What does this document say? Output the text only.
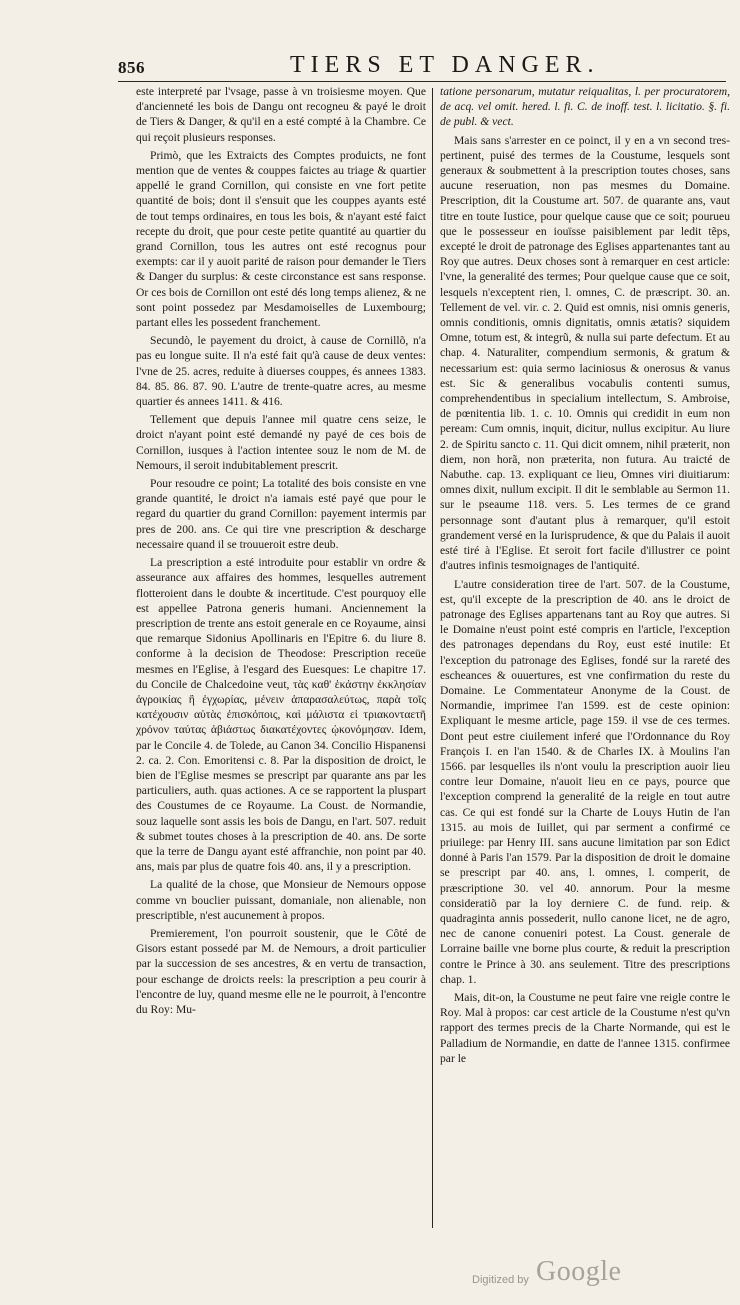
856	TIERS ET DANGER.

este interpreté par l'vsage, passe à vn troisiesme moyen. Que d'ancienneté les bois de Dangu ont recogneu & payé le droit de Tiers & Danger, & qu'il en a esté compté à la Chambre. Ce qui reçoit plusieurs responses.

Primò, que les Extraicts des Comptes produicts, ne font mention que de ventes & couppes faictes au triage & quartier appellé le grand Cornillon, qui consiste en vne fort petite quantité de bois; dont il s'ensuit que les couppes ayants esté de tout temps ordinaires, en tous les bois, & n'ayant esté faict recepte du droit, que pour ceste petite quantité au quartier du grand Cornillon, tous les autres ont esté recognus pour exempts: car il y auoit parité de raison pour demander le Tiers & Danger du surplus: & ceste circonstance est sans response. Or ces bois de Cornillon ont esté dés long temps alienez, & ne sont point possedez par Mesdamoiselles de Luxembourg; partant elles les possedent franchement.

Secundò, le payement du droict, à cause de Cornillõ, n'a pas eu longue suite. Il n'a esté fait qu'à cause de deux ventes: l'vne de 25. acres, reduite à diuerses couppes, és annees 1383. 84. 85. 86. 87. 90. L'autre de trente-quatre acres, au mesme quartier és annees 1411. & 416.

Tellement que depuis l'annee mil quatre cens seize, le droict n'ayant point esté demandé ny payé de ces bois de Cornillon, iusques à l'action intentee souz le nom de M. de Nemours, il seroit indubitablement prescrit.

Pour resoudre ce point; La totalité des bois consiste en vne grande quantité, le droict n'a iamais esté payé que pour le regard du quartier du grand Cornillon: payement intermis par pres de 200. ans. Ce qui tire vne prescription & descharge necessaire quand il se trouueroit estre deub.

La prescription a esté introduite pour establir vn ordre & asseurance aux affaires des hommes, lesquelles autrement flotteroient dans le doubte & incertitude. C'est pourquoy elle est appellee Patrona generis humani. Anciennement la prescription de trente ans estoit generale en ce Royaume, ainsi que remarque Sidonius Apollinaris en l'Epitre 6. du liure 8. conforme à la decision de Theodose: Prescription receüe mesmes en l'Eglise, à l'esgard des Euesques: Le chapitre 17. du Concile de Chalcedoine veut, τὰς καθ' ἑκάστην ἐκκλησίαν ἀγροικίας ἢ ἐγχωρίας, μένειν ἀπαρασαλεύτως, παρὰ τοῖς κατέχουσιν αὐτὰς ἐπισκόποις, καὶ μάλιστα εἰ τριακονταετῆ χρόνον ταύτας ἀβιάστως διακατέχοντες ᾠκονόμησαν. Idem, par le Concile 4. de Tolede, au Canon 34. Concilio Hispanensi 2. ca. 2. Con. Emoritensi c. 8. Par la disposition de droict, le bien de l'Eglise mesmes se prescript par quarante ans par les particuliers, auth. quas actiones. A ce se rapportent la pluspart des Coustumes de ce Royaume. La Coust. de Normandie, souz laquelle sont assis les bois de Dangu, en l'art. 507. reduit & submet toutes choses à la prescription de 40. ans. De sorte que la terre de Dangu ayant esté affranchie, non point par 40. ans, mais par plus de quatre fois 40. ans, il y a prescription.

La qualité de la chose, que Monsieur de Nemours oppose comme vn bouclier puissant, domaniale, non alienable, non prescriptible, n'est aucunement à propos.

Premierement, l'on pourroit soustenir, que le Côté de Gisors estant possedé par M. de Nemours, a droit particulier par la succession de ses ancestres, & en vertu de transaction, pour eschange de droicts reels: la prescription a peu courir à l'encontre de luy, quand mesme elle ne le pourroit, à l'encontre du Roy: Mu-

tatione personarum, mutatur reiqualitas, l. per procuratorem, de acq. vel omit. hered. l. fi. C. de inoff. test. l. licitatio. §. fi. de publ. & vect.

Mais sans s'arrester en ce poinct, il y en a vn second tres-pertinent, puisé des termes de la Coustume, lesquels sont generaux & soubmettent à la prescription toutes choses, sans aucune reseruation, non pas mesmes du Domaine. Prescription, dit la Coustume art. 507. de quarante ans, vaut titre en toute Iustice, pour quelque cause que ce soit; pourueu que le possesseur en iouïsse paisiblement par ledit tẽps, excepté le droit de patronage des Eglises appartenantes tant au Roy que autres. Deux choses sont à remarquer en cest article: l'vne, la generalité des termes; Pour quelque cause que ce soit, lesquels n'exceptent rien, l. omnes, C. de præscript. 30. an. Tellement de vel. vir. c. 2. Quid est omnis, nisi omnis generis, omnis conditionis, omnis dignitatis, omnis ætatis? siquidem Omne, totum est, & integrũ, & nulla sui parte defectum. Et au chap. 4. Naturaliter, compendium sermonis, & gratum & necessarium est: quia sermo laciniosus & onerosus & vanus est. Sic & generalibus vocabulis contenti sumus, comprehendentibus in specialium intellectum, S. Ambroise, de pœnitentia lib. 1. c. 10. Omnis qui credidit in eum non peream: Cum omnis, inquit, dicitur, nullus excipitur. Au liure 2. de Spiritu sancto c. 11. Qui dicit omnem, nihil præterit, non diem, non horã, non præterita, non futura. Au traicté de Nabuthe. cap. 13. expliquant ce lieu, Omnes viri diuitiarum: omnes dixit, nullum excipit. Il dit le semblable au Sermon 11. sur le pseaume 118. vers. 5. Les termes de ce grand personnage sont d'autant plus à remarquer, qu'il estoit grandement versé en la Iurisprudence, & que du Palais il auoit esté tiré à l'Eglise. Et seroit fort facile d'illustrer ce point d'autres infinis tesmoignages de l'antiquité.

L'autre consideration tiree de l'art. 507. de la Coustume, est, qu'il excepte de la prescription de 40. ans le droict de patronage des Eglises appartenans tant au Roy que autres. Si le Domaine n'eust point esté compris en l'article, l'exception des patronages dependans du Roy, eust esté inutile: Et l'exception du patronage des Eglises, fondé sur la rareté des escheances & ouuertures, est vne confirmation du reste du Domaine. Le Commentateur Anonyme de la Coust. de Normandie, imprimee l'an 1599. est de ceste opinion: Expliquant le mesme article, page 159. il vse de ces termes. Dont peut estre ciuilement inferé que l'Ordonnance du Roy François I. en l'an 1540. & de Charles IX. à Moulins l'an 1566. par lesquelles ils n'ont voulu la prescription auoir lieu contre leur Domaine, n'auoit lieu en ce pays, pource que l'exception comprend la generalité de la reigle en tout autre cas. Ce qui est fondé sur la Charte de Louys Hutin de l'an 1315. au mois de Iuillet, qui par serment a confirmé ce priuilege: par Henry III. sans aucune limitation par son Edict donné à Paris l'an 1579. Par la disposition de droit le domaine se prescript par 40. ans, l. omnes, l. comperit, de præscriptione 30. vel 40. annorum. Pour la mesme consideratiõ par la loy derniere C. de fund. reip. & quadraginta annis possederit, nullo canone licet, ne de agro, nec de canone conueniri potest. La Coust. generale de Lorraine baille vne borne plus courte, & reduit la prescription contre le Prince à 30. ans seulement. Titre des prescriptions chap. 1.

Mais, dit-on, la Coustume ne peut faire vne reigle contre le Roy. Mal à propos: car cest article de la Coustume n'est qu'vn rapport des termes precis de la Charte Normande, qui est le Palladium de Normandie, en datte de l'annee 1315. confirmee par le

Digitized by Google
